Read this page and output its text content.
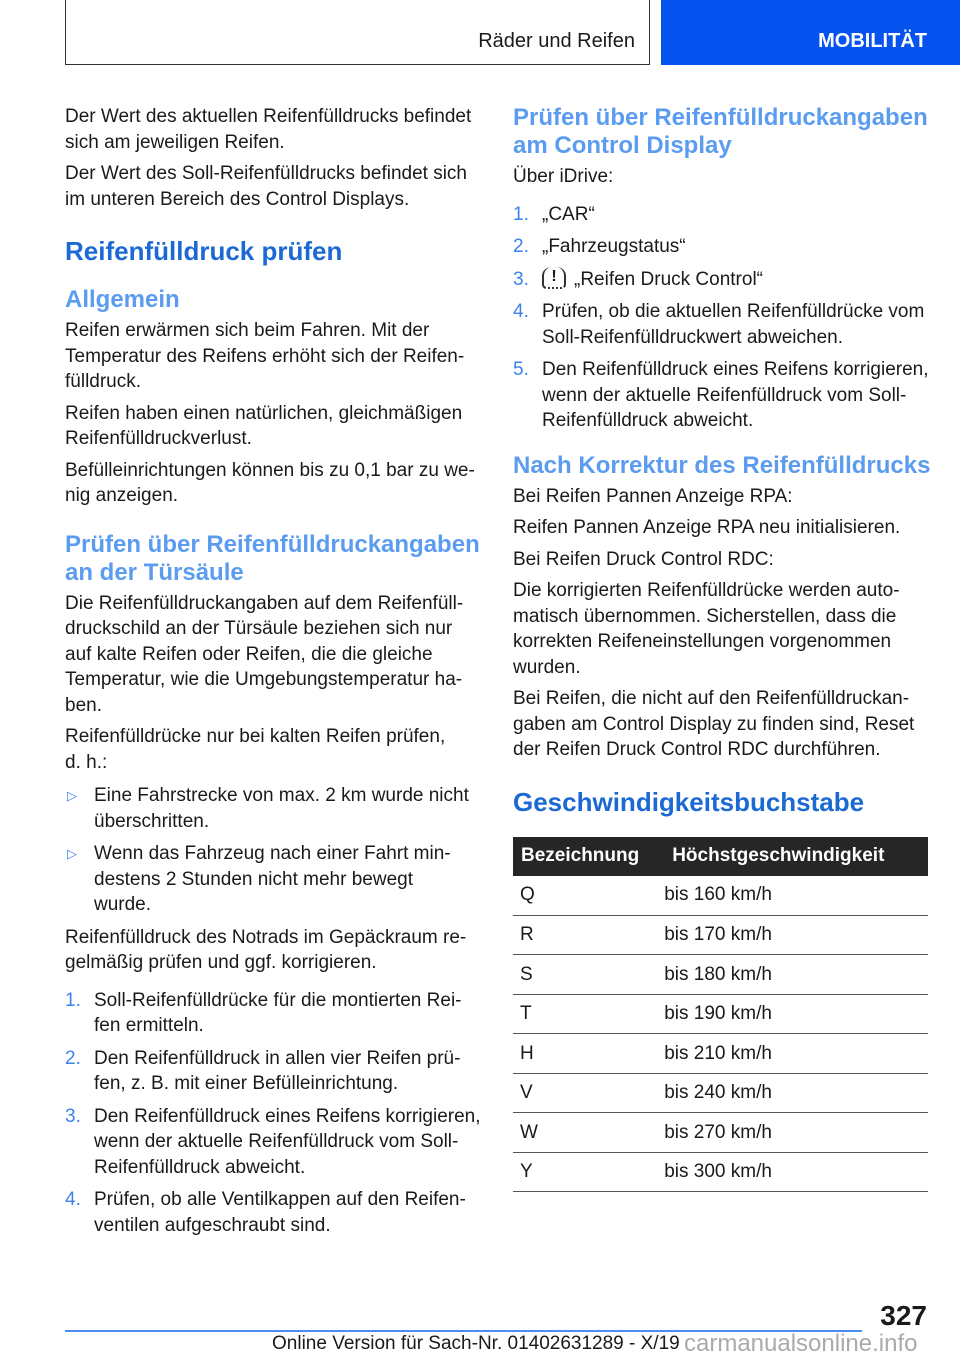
Räder und Reifen	MOBILITÄT

Der Wert des aktuellen Reifenfülldrucks befindet
sich am jeweiligen Reifen.

Der Wert des Soll-Reifenfülldrucks befindet sich
im unteren Bereich des Control Displays.

Reifenfülldruck prüfen
Allgemein

Reifen erwärmen sich beim Fahren. Mit der
Temperatur des Reifens erhöht sich der Reifen-
fülldruck.

Reifen haben einen natürlichen, gleichmäßigen
Reifenfülldruckverlust.

Befülleinrichtungen können bis zu 0,1 bar zu we-
nig anzeigen.

Prüfen über Reifenfülldruckangaben
an der Türsäule

Die Reifenfülldruckangaben auf dem Reifenfüll-
druckschild an der Türsäule beziehen sich nur
auf kalte Reifen oder Reifen, die die gleiche
Temperatur, wie die Umgebungstemperatur ha-
ben.

Reifenfülldrücke nur bei kalten Reifen prüfen,
d. h.:

▷ Eine Fahrstrecke von max. 2 km wurde nicht
überschritten.
▷ Wenn das Fahrzeug nach einer Fahrt min-
destens 2 Stunden nicht mehr bewegt
wurde.

Reifenfülldruck des Notrads im Gepäckraum re-
gelmäßig prüfen und ggf. korrigieren.

1. Soll-Reifenfülldrücke für die montierten Rei-
fen ermitteln.
2. Den Reifenfülldruck in allen vier Reifen prü-
fen, z. B. mit einer Befülleinrichtung.
3. Den Reifenfülldruck eines Reifens korrigieren,
wenn der aktuelle Reifenfülldruck vom Soll-
Reifenfülldruck abweicht.
4. Prüfen, ob alle Ventilkappen auf den Reifen-
ventilen aufgeschraubt sind.
Prüfen über Reifenfülldruckangaben
am Control Display

Über iDrive:

1. „CAR“
2. „Fahrzeugstatus“
3.	! „Reifen Druck Control“
4. Prüfen, ob die aktuellen Reifenfülldrücke vom
Soll-Reifenfülldruckwert abweichen.
5. Den Reifenfülldruck eines Reifens korrigieren,
wenn der aktuelle Reifenfülldruck vom Soll-
Reifenfülldruck abweicht.
Nach Korrektur des Reifenfülldrucks

Bei Reifen Pannen Anzeige RPA:

Reifen Pannen Anzeige RPA neu initialisieren.

Bei Reifen Druck Control RDC:

Die korrigierten Reifenfülldrücke werden auto-
matisch übernommen. Sicherstellen, dass die
korrekten Reifeneinstellungen vorgenommen
wurden.

Bei Reifen, die nicht auf den Reifenfülldruckan-
gaben am Control Display zu finden sind, Reset
der Reifen Druck Control RDC durchführen.

Geschwindigkeitsbuchstabe
Bezeichnung	Höchstgeschwindigkeit
Q	bis 160 km/h
R	bis 170 km/h
S	bis 180 km/h
T	bis 190 km/h
H	bis 210 km/h
V	bis 240 km/h
W	bis 270 km/h
Y	bis 300 km/h
327
Online Version für Sach-Nr. 01402631289 - X/19 carmanualsonline.info
